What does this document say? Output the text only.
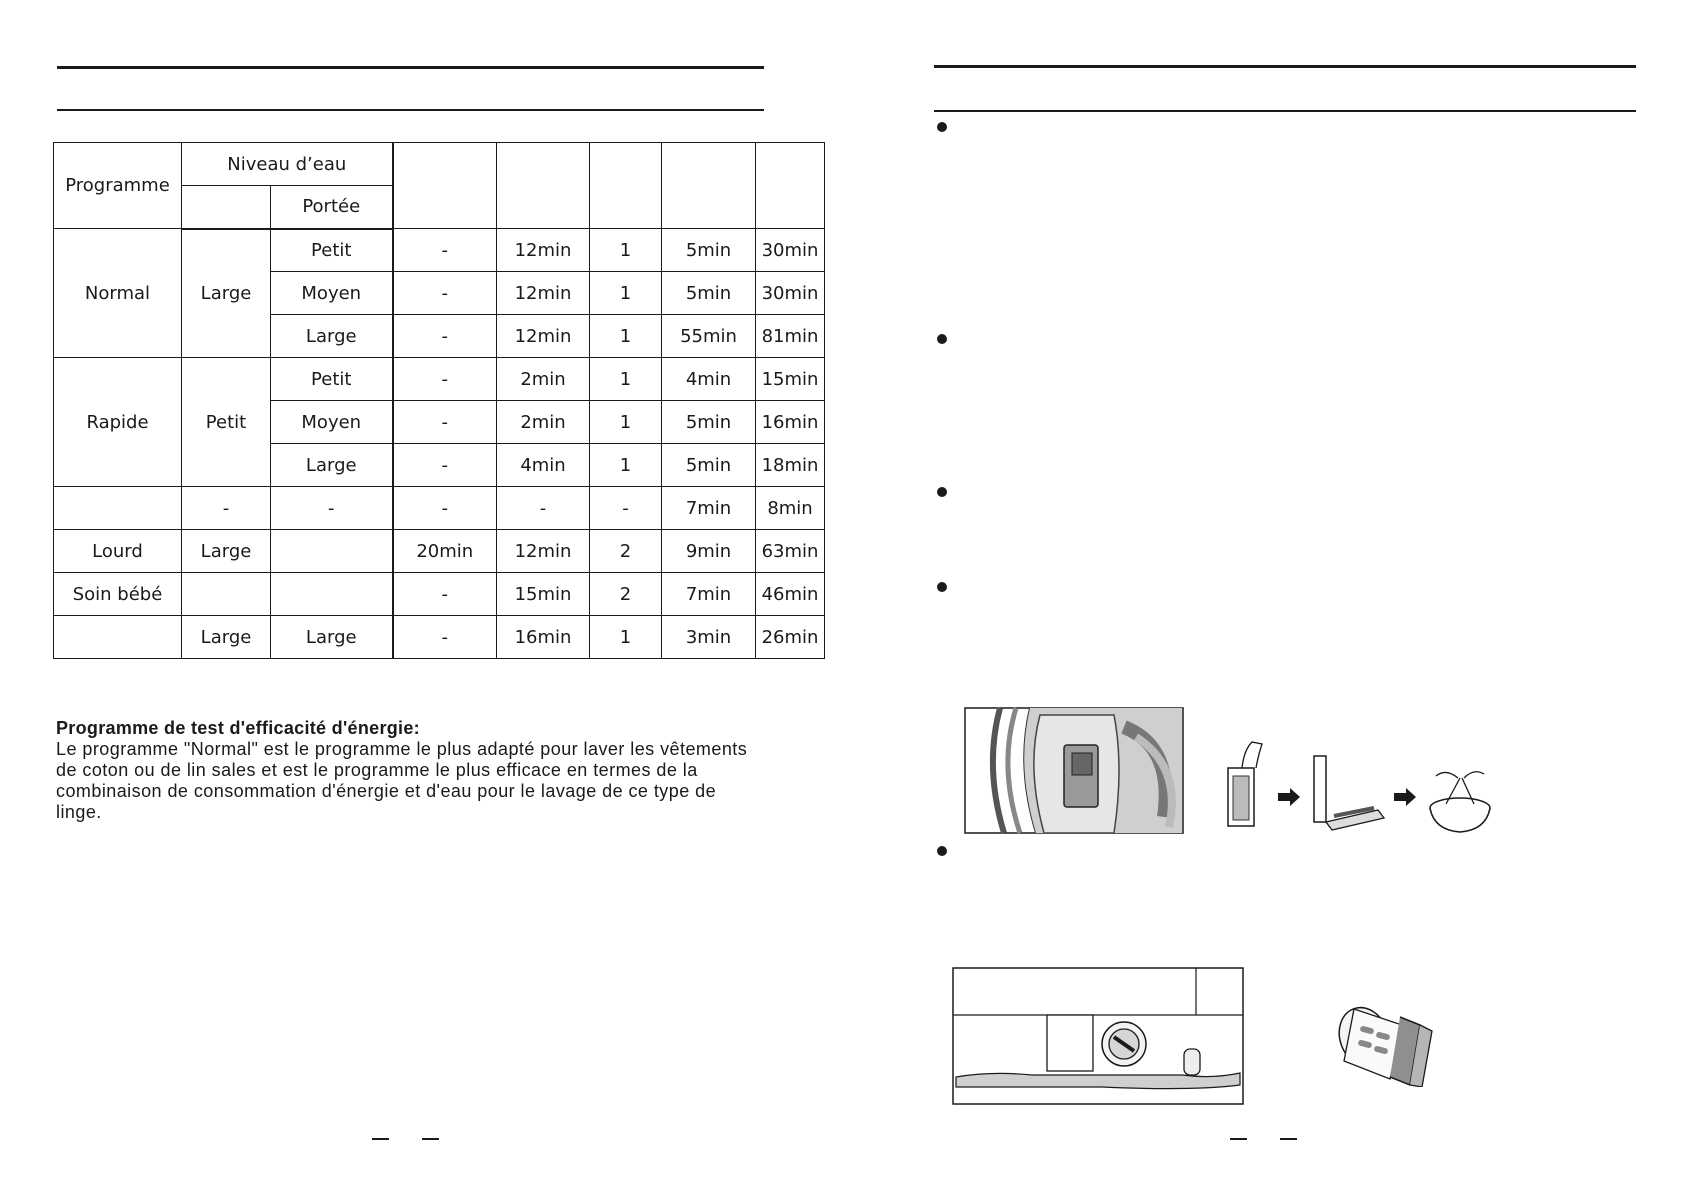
Programme	Niveau d’eau						
		Portée					
Normal	Large	Petit	-	12min	1	5min	30min
		Moyen	-	12min	1	5min	30min
		Large	-	12min	1	55min	81min
Rapide	Petit	Petit	-	2min	1	4min	15min
		Moyen	-	2min	1	5min	16min
		Large	-	4min	1	5min	18min
	-	-	-	-	-	7min	8min
Lourd	Large		20min	12min	2	9min	63min
Soin bébé			-	15min	2	7min	46min
	Large	Large	-	16min	1	3min	26min
Programme de test d'efficacité d'énergie:
Le programme "Normal" est le programme le plus adapté pour laver les vêtements de coton ou de lin sales et est le programme le plus efficace en termes de la combinaison de consommation d'énergie et d'eau pour le lavage de ce type de linge.
